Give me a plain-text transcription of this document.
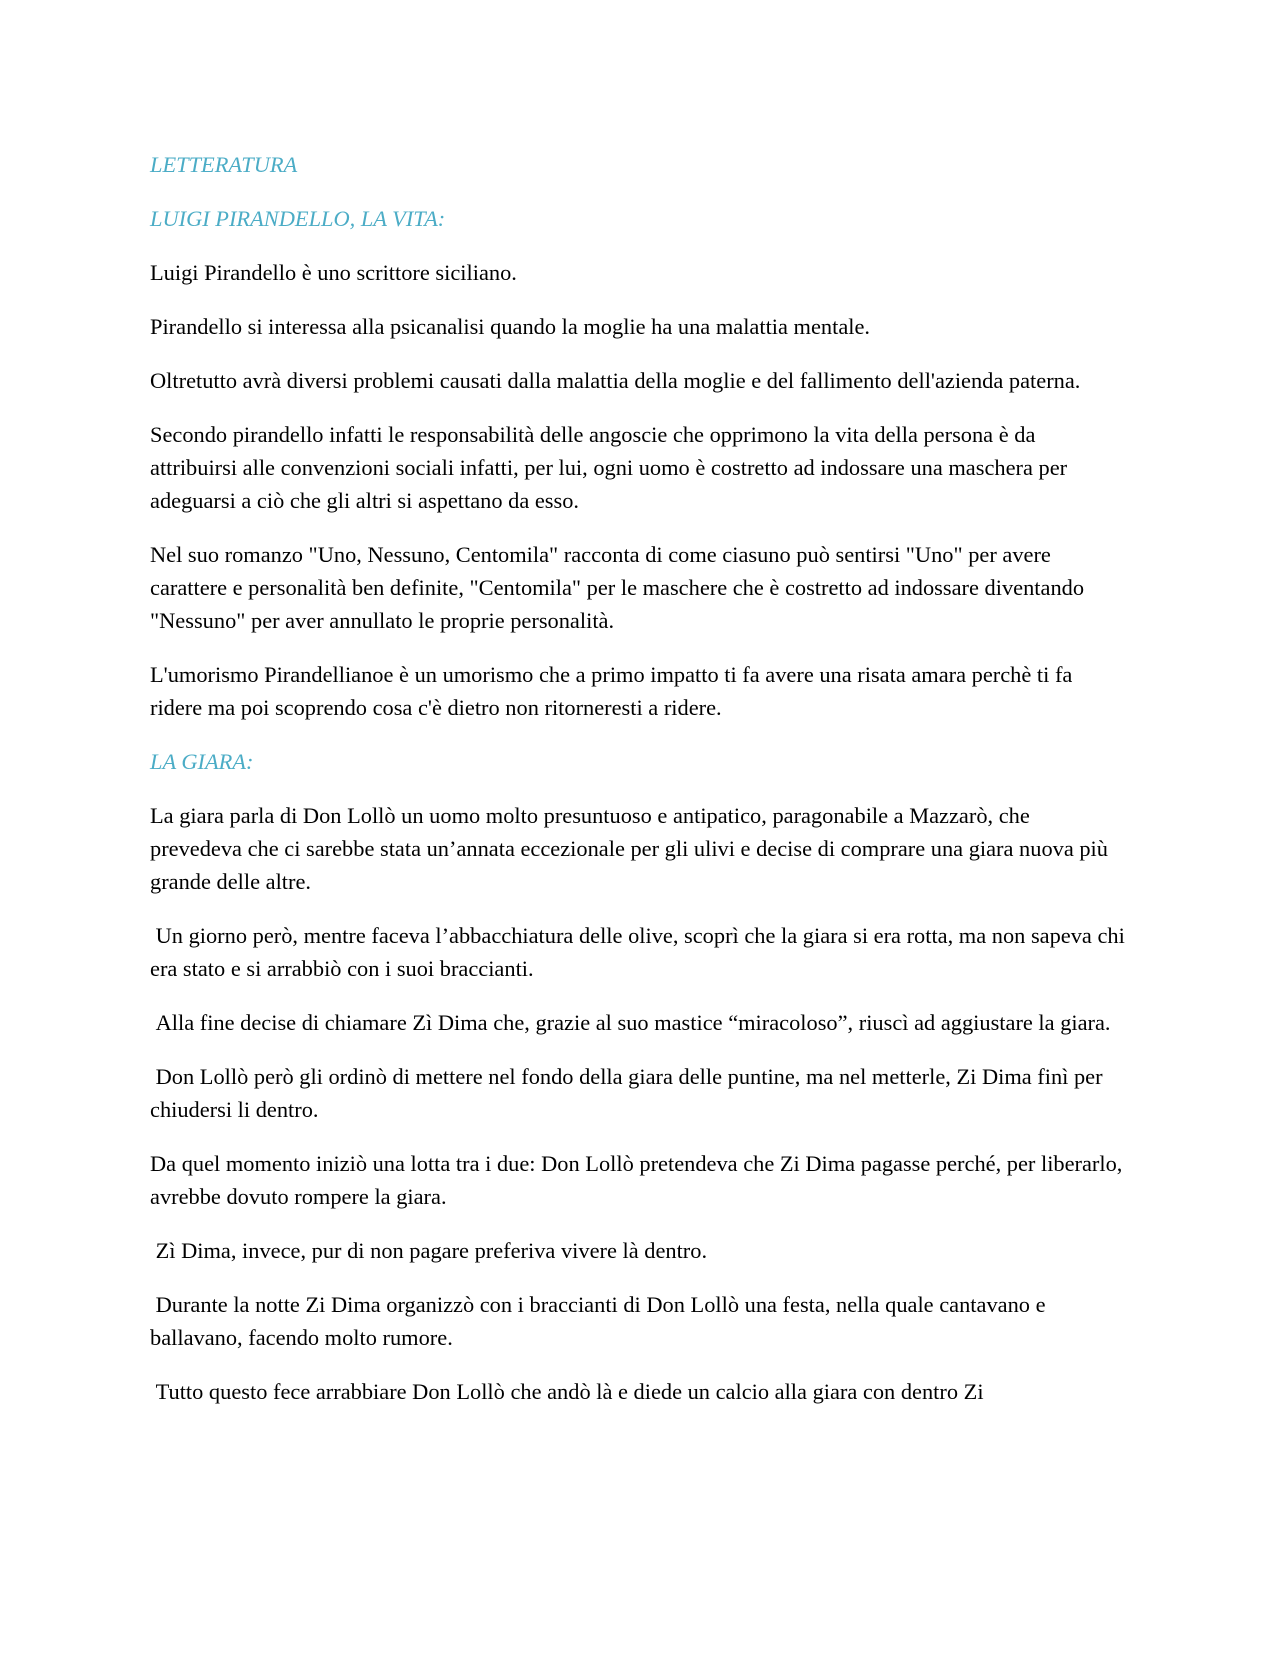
LETTERATURA

LUIGI PIRANDELLO, LA VITA:

Luigi Pirandello è uno scrittore siciliano.

Pirandello si interessa alla psicanalisi quando la moglie ha una malattia mentale.

Oltretutto avrà diversi problemi causati dalla malattia della moglie e del fallimento dell'azienda paterna.

Secondo pirandello infatti le responsabilità delle angoscie che opprimono la vita della persona è da attribuirsi alle convenzioni sociali infatti, per lui, ogni uomo è costretto ad indossare una maschera per adeguarsi a ciò che gli altri si aspettano da esso.

Nel suo romanzo "Uno, Nessuno, Centomila" racconta di come ciasuno può sentirsi "Uno" per avere carattere e personalità ben definite, "Centomila" per le maschere che è costretto ad indossare diventando "Nessuno" per aver annullato le proprie personalità.

L'umorismo Pirandellianoe è un umorismo che a primo impatto ti fa avere una risata amara perchè ti fa ridere ma poi scoprendo cosa c'è dietro non ritorneresti a ridere.

LA GIARA:

La giara parla di Don Lollò un uomo molto presuntuoso e antipatico, paragonabile a Mazzarò, che prevedeva che ci sarebbe stata un’annata eccezionale per gli ulivi e decise di comprare una giara nuova più grande delle altre.

Un giorno però, mentre faceva l’abbacchiatura delle olive, scoprì che la giara si era rotta, ma non sapeva chi era stato e si arrabbiò con i suoi braccianti.

Alla fine decise di chiamare Zì Dima che, grazie al suo mastice “miracoloso”, riuscì ad aggiustare la giara.

Don Lollò però gli ordinò di mettere nel fondo della giara delle puntine, ma nel metterle, Zi Dima finì per chiudersi li dentro.

Da quel momento iniziò una lotta tra i due: Don Lollò pretendeva che Zi Dima pagasse perché, per liberarlo, avrebbe dovuto rompere la giara.

Zì Dima, invece, pur di non pagare preferiva vivere là dentro.

Durante la notte Zi Dima organizzò con i braccianti di Don Lollò una festa, nella quale cantavano e ballavano, facendo molto rumore.

Tutto questo fece arrabbiare Don Lollò che andò là e diede un calcio alla giara con dentro Zi
